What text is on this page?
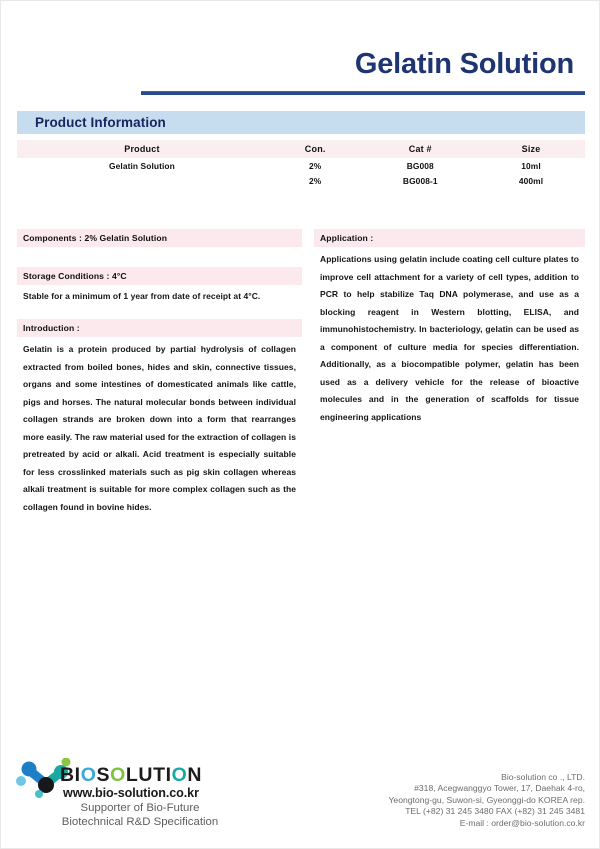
Gelatin Solution
Product Information
Product	Con.	Cat #	Size
Gelatin Solution	2%	BG008	10ml
	2%	BG008-1	400ml
Components : 2% Gelatin Solution
Storage Conditions : 4°C
Stable for a minimum of 1 year from date of receipt at 4°C.
Introduction :
Gelatin is a protein produced by partial hydrolysis of collagen extracted from boiled bones, hides and skin, connective tissues, organs and some intestines of domesticated animals like cattle, pigs and horses. The natural molecular bonds between individual collagen strands are broken down into a form that rearranges more easily. The raw material used for the extraction of collagen is pretreated by acid or alkali. Acid treatment is especially suitable for less crosslinked materials such as pig skin collagen whereas alkali treatment is suitable for more complex collagen such as the collagen found in bovine hides.
Application :
Applications using gelatin include coating cell culture plates to improve cell attachment for a variety of cell types, addition to PCR to help stabilize Taq DNA polymerase, and use as a blocking reagent in Western blotting, ELISA, and immunohistochemistry. In bacteriology, gelatin can be used as a component of culture media for species differentiation. Additionally, as a biocompatible polymer, gelatin has been used as a delivery vehicle for the release of bioactive molecules and in the generation of scaffolds for tissue engineering applications
BIOSOLUTION
www.bio-solution.co.kr
Supporter of Bio-Future
Biotechnical R&D Specification
Bio-solution co ., LTD.
#318, Acegwanggyo Tower, 17, Daehak 4-ro,
Yeongtong-gu, Suwon-si, Gyeonggi-do KOREA rep.
TEL (+82) 31 245 3480 FAX (+82) 31 245 3481
E-mail : order@bio-solution.co.kr
